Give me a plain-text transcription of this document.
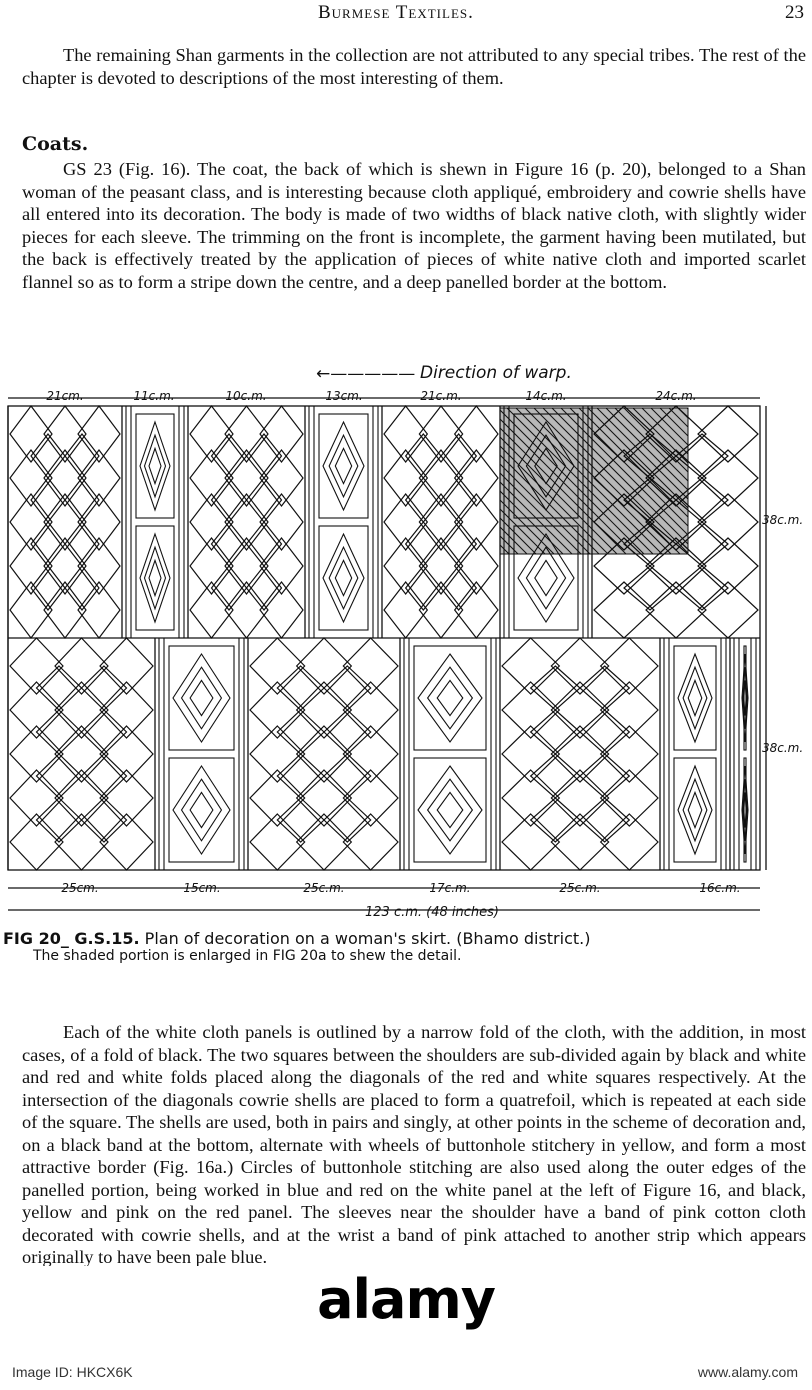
Burmese Textiles.	23

The remaining Shan garments in the collection are not attributed to any special tribes. The rest of the chapter is devoted to descriptions of the most interesting of them.

Coats.

GS 23 (Fig. 16). The coat, the back of which is shewn in Figure 16 (p. 20), belonged to a Shan woman of the peasant class, and is interesting because cloth appliqué, embroidery and cowrie shells have all entered into its decoration. The body is made of two widths of black native cloth, with slightly wider pieces for each sleeve. The trimming on the front is incomplete, the garment having been mutilated, but the back is effectively treated by the application of pieces of white native cloth and imported scarlet flannel so as to form a stripe down the centre, and a deep panelled border at the bottom.

←————— Direction of warp.
21cm.	11c.m.	10c.m.	13cm.	21c.m.	14c.m.	24c.m.
25cm.	15cm.	25c.m.	17c.m.	25c.m.	16c.m.
123 c.m. (48 inches)
38c.m.
38c.m.
FIG 20_ G.S.15. Plan of decoration on a woman's skirt. (Bhamo district.)
The shaded portion is enlarged in FIG 20a to shew the detail.

Each of the white cloth panels is outlined by a narrow fold of the cloth, with the addition, in most cases, of a fold of black. The two squares between the shoulders are sub-divided again by black and white and red and white folds placed along the diagonals of the red and white squares respectively. At the intersection of the diagonals cowrie shells are placed to form a quatrefoil, which is repeated at each side of the square. The shells are used, both in pairs and singly, at other points in the scheme of decoration and, on a black band at the bottom, alternate with wheels of buttonhole stitchery in yellow, and form a most attractive border (Fig. 16a.) Circles of buttonhole stitching are also used along the outer edges of the panelled portion, being worked in blue and red on the white panel at the left of Figure 16, and black, yellow and pink on the red panel. The sleeves near the shoulder have a band of pink cotton cloth decorated with cowrie shells, and at the wrist a band of pink attached to another strip which appears originally to have been pale blue.

alamy
Image ID: HKCX6K	www.alamy.com
